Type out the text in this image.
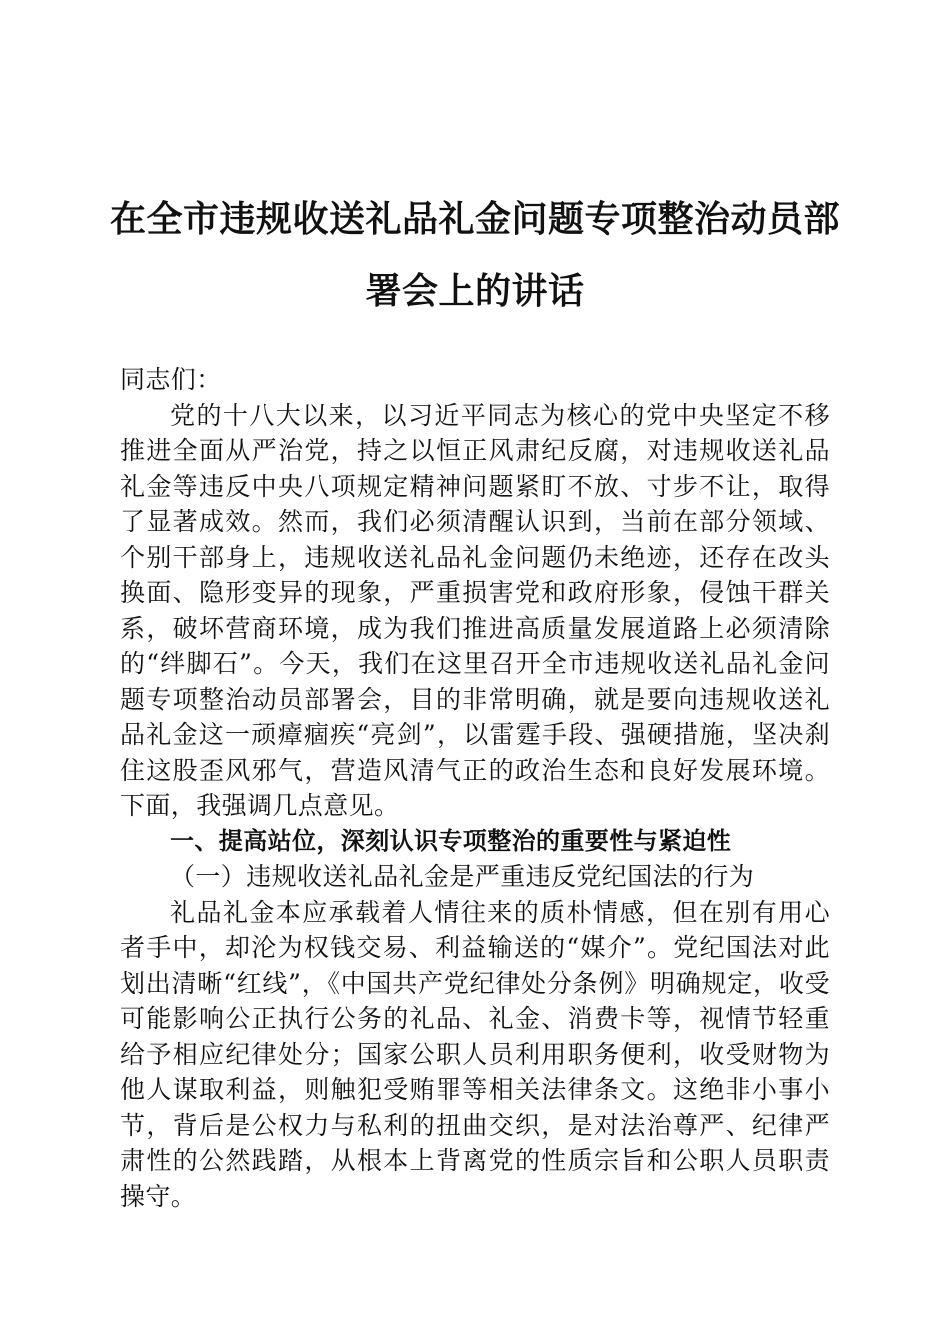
在全市违规收送礼品礼金问题专项整治动员部
署会上的讲话

同志们：

党的十八大以来，以习近平同志为核心的党中央坚定不移推进全面从严治党，持之以恒正风肃纪反腐，对违规收送礼品礼金等违反中央八项规定精神问题紧盯不放、寸步不让，取得了显著成效。然而，我们必须清醒认识到，当前在部分领域、个别干部身上，违规收送礼品礼金问题仍未绝迹，还存在改头换面、隐形变异的现象，严重损害党和政府形象，侵蚀干群关系，破坏营商环境，成为我们推进高质量发展道路上必须清除的“绊脚石”。今天，我们在这里召开全市违规收送礼品礼金问题专项整治动员部署会，目的非常明确，就是要向违规收送礼品礼金这一顽瘴痼疾“亮剑”，以雷霆手段、强硬措施，坚决刹住这股歪风邪气，营造风清气正的政治生态和良好发展环境。下面，我强调几点意见。

一、提高站位，深刻认识专项整治的重要性与紧迫性

（一）违规收送礼品礼金是严重违反党纪国法的行为

礼品礼金本应承载着人情往来的质朴情感，但在别有用心者手中，却沦为权钱交易、利益输送的“媒介”。党纪国法对此划出清晰“红线”，《中国共产党纪律处分条例》明确规定，收受可能影响公正执行公务的礼品、礼金、消费卡等，视情节轻重给予相应纪律处分；国家公职人员利用职务便利，收受财物为他人谋取利益，则触犯受贿罪等相关法律条文。这绝非小事小节，背后是公权力与私利的扭曲交织，是对法治尊严、纪律严肃性的公然践踏，从根本上背离党的性质宗旨和公职人员职责操守。
